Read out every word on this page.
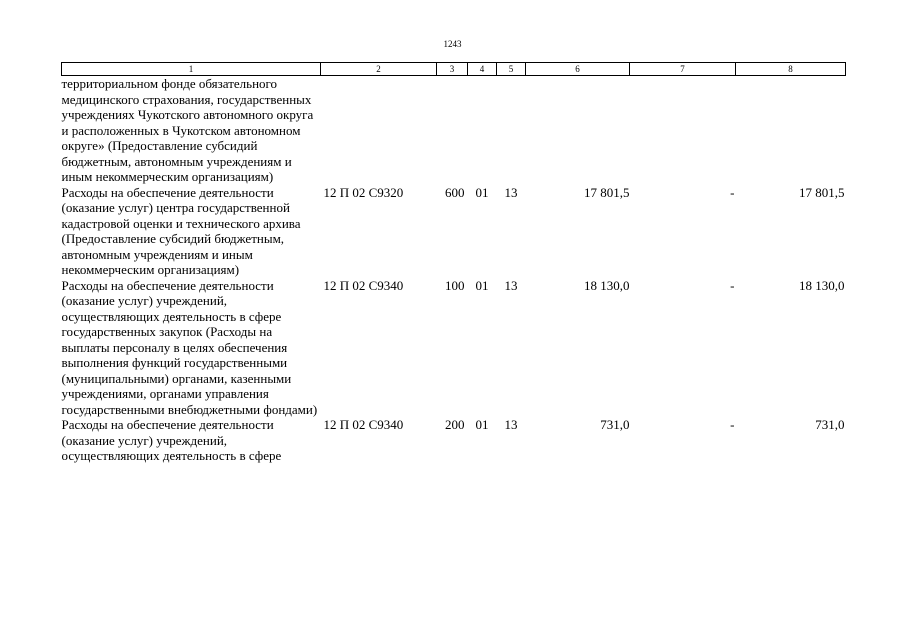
1243
1	2	3	4	5	6	7	8
территориальном фонде обязательного медицинского страхования, государственных учреждениях Чукотского автономного округа и расположенных в Чукотском автономном округе» (Предоставление субсидий бюджетным, автономным учреждениям и иным некоммерческим организациям)							
Расходы на обеспечение деятельности (оказание услуг) центра государственной кадастровой оценки и технического архива (Предоставление субсидий бюджетным, автономным учреждениям и иным некоммерческим организациям)	12 П 02 С9320	600	01	13	17 801,5	-	17 801,5
Расходы на обеспечение деятельности (оказание услуг) учреждений, осуществляющих деятельность в сфере государственных закупок (Расходы на выплаты персоналу в целях обеспечения выполнения функций государственными (муниципальными) органами, казенными учреждениями, органами управления государственными внебюджетными фондами)	12 П 02 С9340	100	01	13	18 130,0	-	18 130,0
Расходы на обеспечение деятельности (оказание услуг) учреждений, осуществляющих деятельность в сфере	12 П 02 С9340	200	01	13	731,0	-	731,0
